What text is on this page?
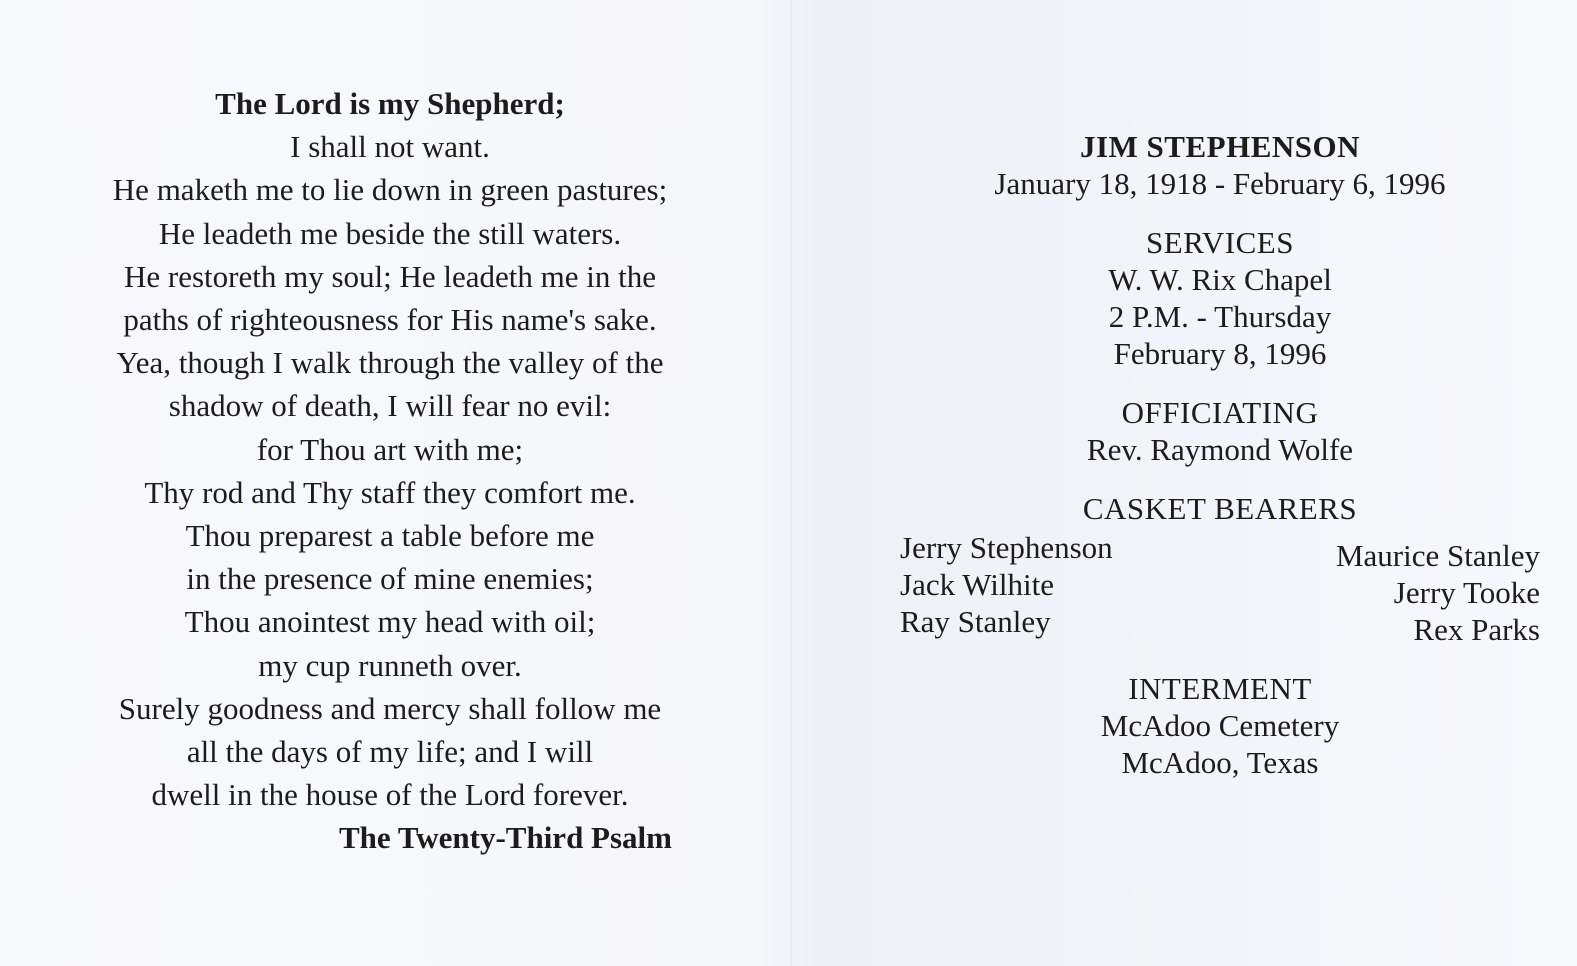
The Lord is my Shepherd;
I shall not want.
He maketh me to lie down in green pastures;
He leadeth me beside the still waters.
He restoreth my soul; He leadeth me in the
paths of righteousness for His name's sake.
Yea, though I walk through the valley of the
shadow of death, I will fear no evil:
for Thou art with me;
Thy rod and Thy staff they comfort me.
Thou preparest a table before me
in the presence of mine enemies;
Thou anointest my head with oil;
my cup runneth over.
Surely goodness and mercy shall follow me
all the days of my life; and I will
dwell in the house of the Lord forever.
The Twenty-Third Psalm
JIM STEPHENSON
January 18, 1918 - February 6, 1996
SERVICES
W. W. Rix Chapel
2 P.M. - Thursday
February 8, 1996
OFFICIATING
Rev. Raymond Wolfe
CASKET BEARERS
Jerry Stephenson
Jack Wilhite
Ray Stanley
Maurice Stanley
Jerry Tooke
Rex Parks
INTERMENT
McAdoo Cemetery
McAdoo, Texas
